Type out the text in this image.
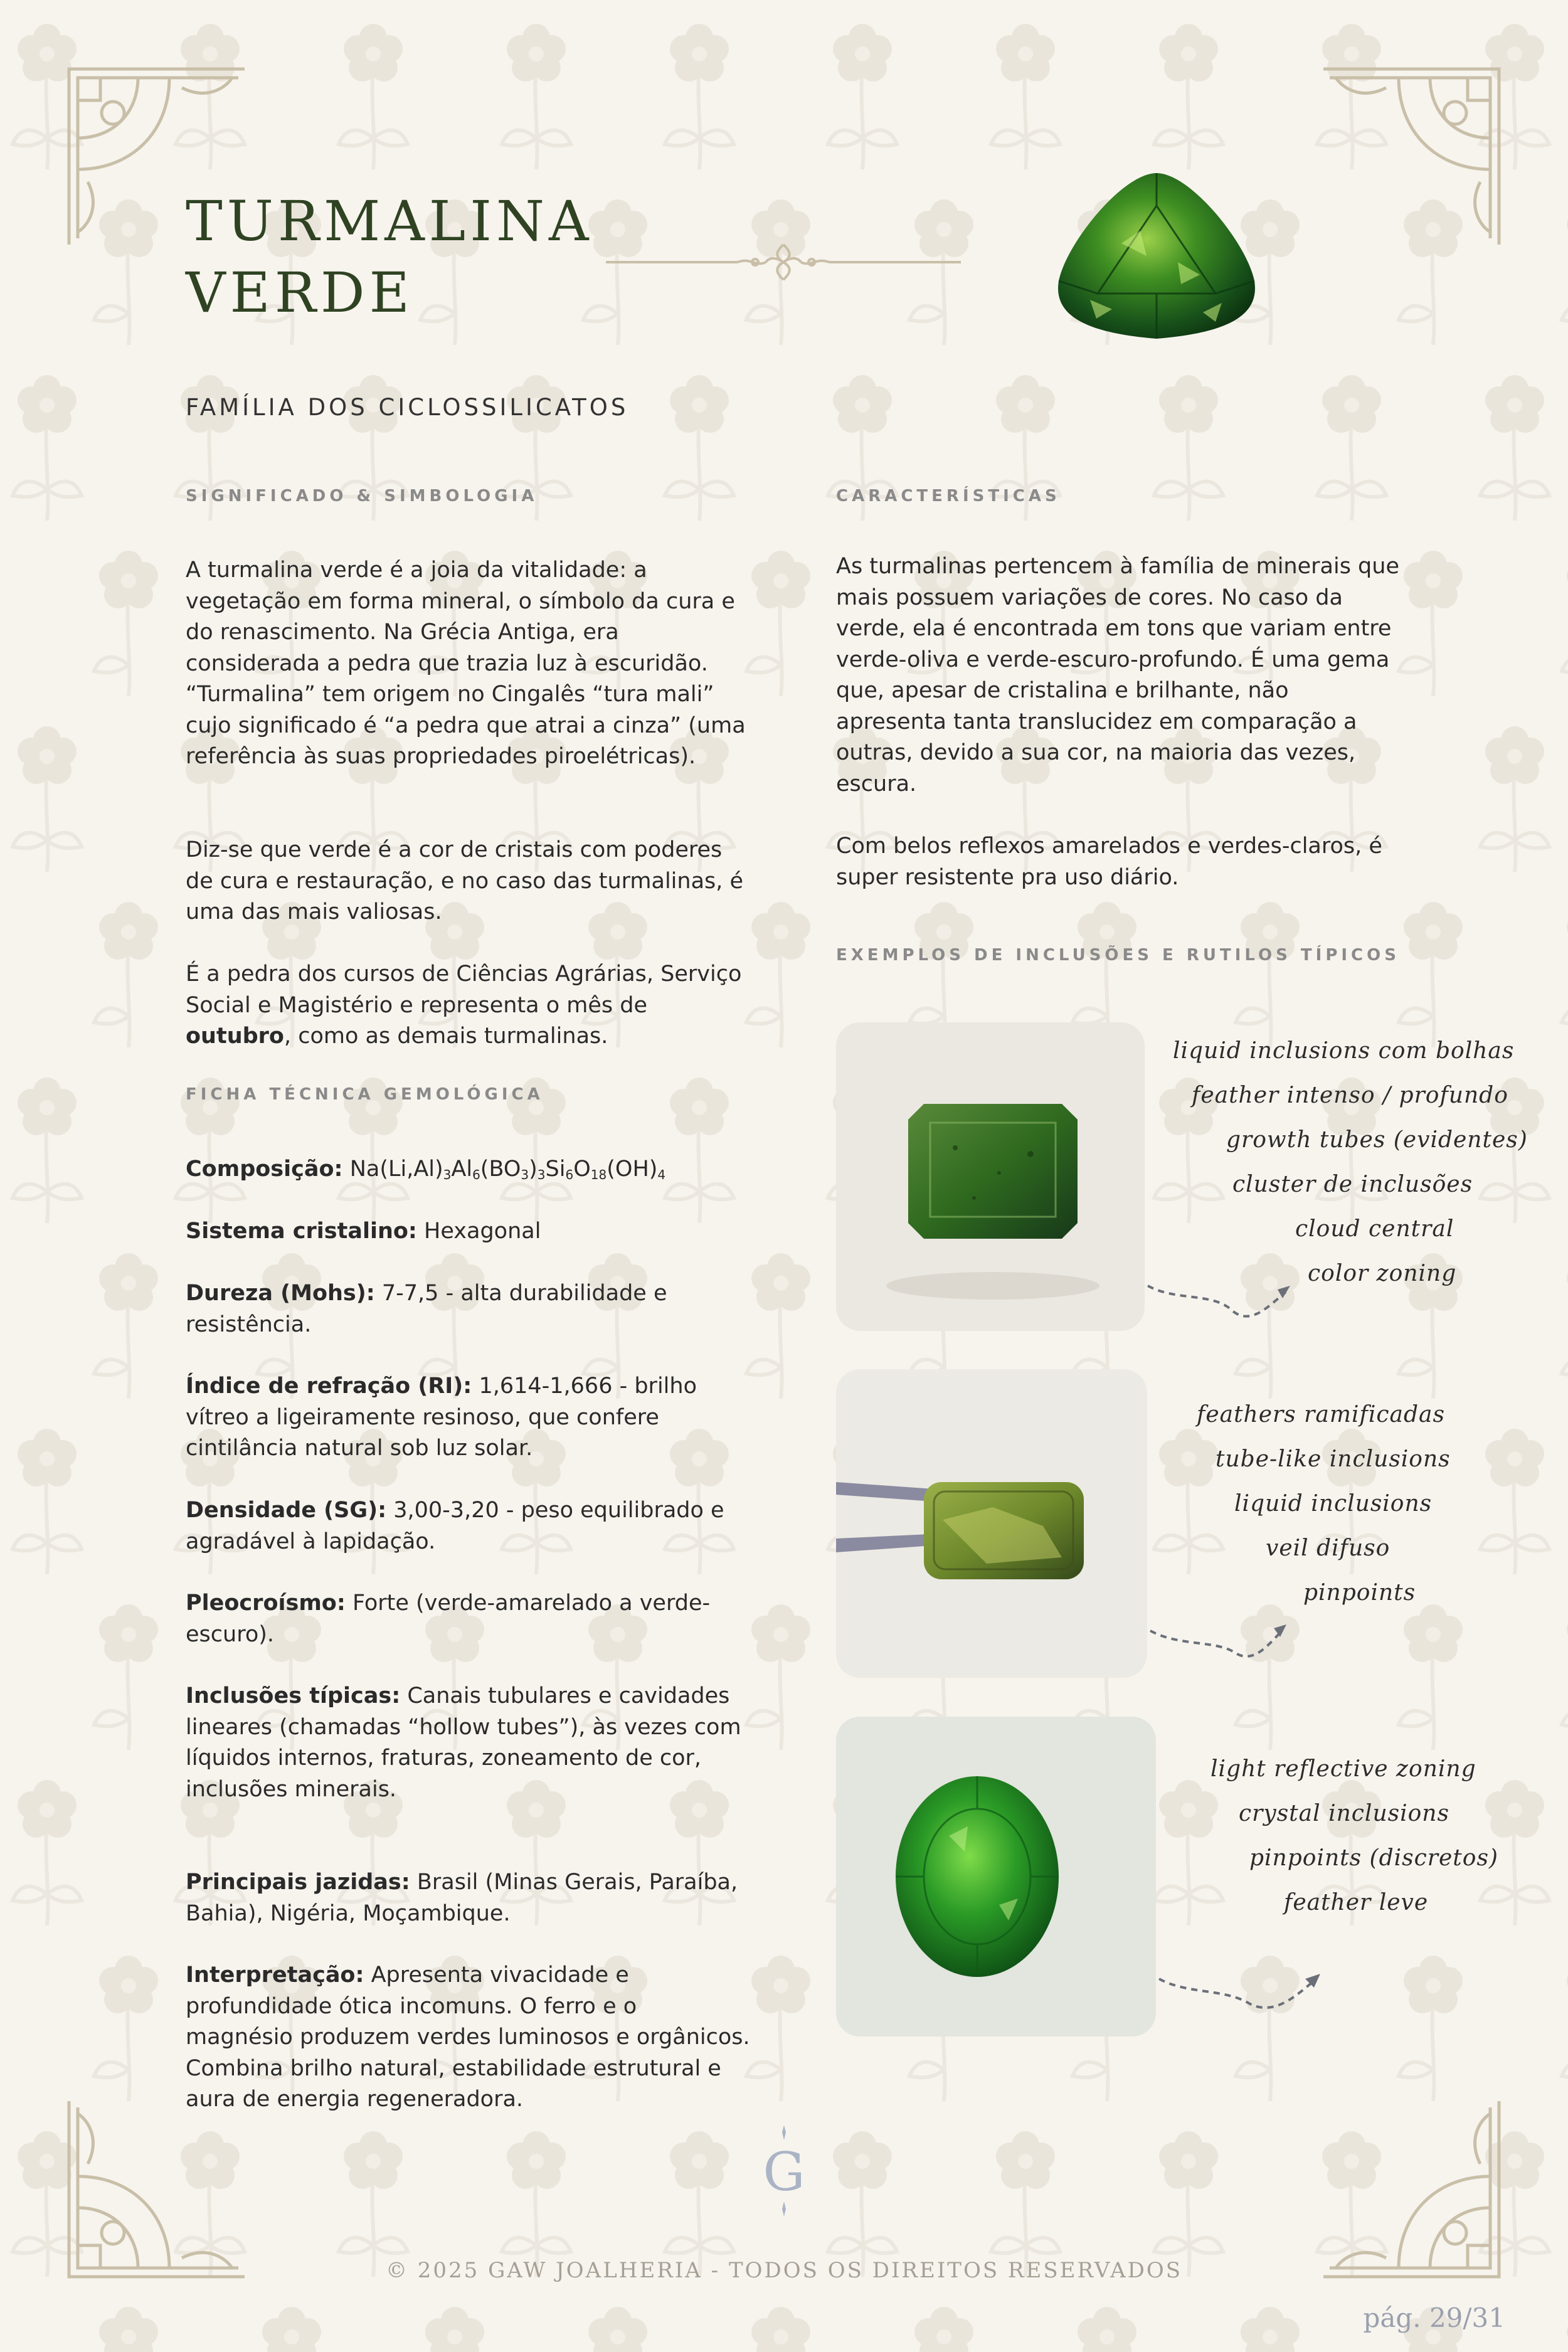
TURMALINA
VERDE
FAMÍLIA DOS CICLOSSILICATOS
SIGNIFICADO & SIMBOLOGIA

A turmalina verde é a joia da vitalidade: a vegetação em forma mineral, o símbolo da cura e do renascimento. Na Grécia Antiga, era considerada a pedra que trazia luz à escuridão. “Turmalina” tem origem no Cingalês “tura mali” cujo significado é “a pedra que atrai a cinza” (uma referência às suas propriedades piroelétricas).

Diz-se que verde é a cor de cristais com poderes de cura e restauração, e no caso das turmalinas, é uma das mais valiosas.

É a pedra dos cursos de Ciências Agrárias, Serviço Social e Magistério e representa o mês de outubro, como as demais turmalinas.

FICHA TÉCNICA GEMOLÓGICA

Composição: $Na(Li,Al)_3Al_6(BO_3)_3Si_6O_{18}(OH)_4$

Sistema cristalino: Hexagonal

Dureza (Mohs): 7-7,5 - alta durabilidade e resistência.

Índice de refração (RI): 1,614-1,666 - brilho vítreo a ligeiramente resinoso, que confere cintilância natural sob luz solar.

Densidade (SG): 3,00-3,20 - peso equilibrado e agradável à lapidação.

Pleocroísmo: Forte (verde-amarelado a verde-escuro).

Inclusões típicas: Canais tubulares e cavidades lineares (chamadas “hollow tubes”), às vezes com líquidos internos, fraturas, zoneamento de cor, inclusões minerais.

Principais jazidas: Brasil (Minas Gerais, Paraíba, Bahia), Nigéria, Moçambique.

Interpretação: Apresenta vivacidade e profundidade ótica incomuns. O ferro e o magnésio produzem verdes luminosos e orgânicos. Combina brilho natural, estabilidade estrutural e aura de energia regeneradora.

CARACTERÍSTICAS

As turmalinas pertencem à família de minerais que mais possuem variações de cores. No caso da verde, ela é encontrada em tons que variam entre verde-oliva e verde-escuro-profundo. É uma gema que, apesar de cristalina e brilhante, não apresenta tanta translucidez em comparação a outras, devido a sua cor, na maioria das vezes, escura.

Com belos reflexos amarelados e verdes-claros, é super resistente pra uso diário.

EXEMPLOS DE INCLUSÕES E RUTILOS TÍPICOS
liquid inclusions com bolhas
feather intenso / profundo
growth tubes (evidentes)
cluster de inclusões
cloud central
color zoning
feathers ramificadas
tube-like inclusions
liquid inclusions
veil difuso
pinpoints
light reflective zoning
crystal inclusions
pinpoints (discretos)
feather leve
G
© 2025 GAW JOALHERIA - TODOS OS DIREITOS RESERVADOS
pág. 29/31
